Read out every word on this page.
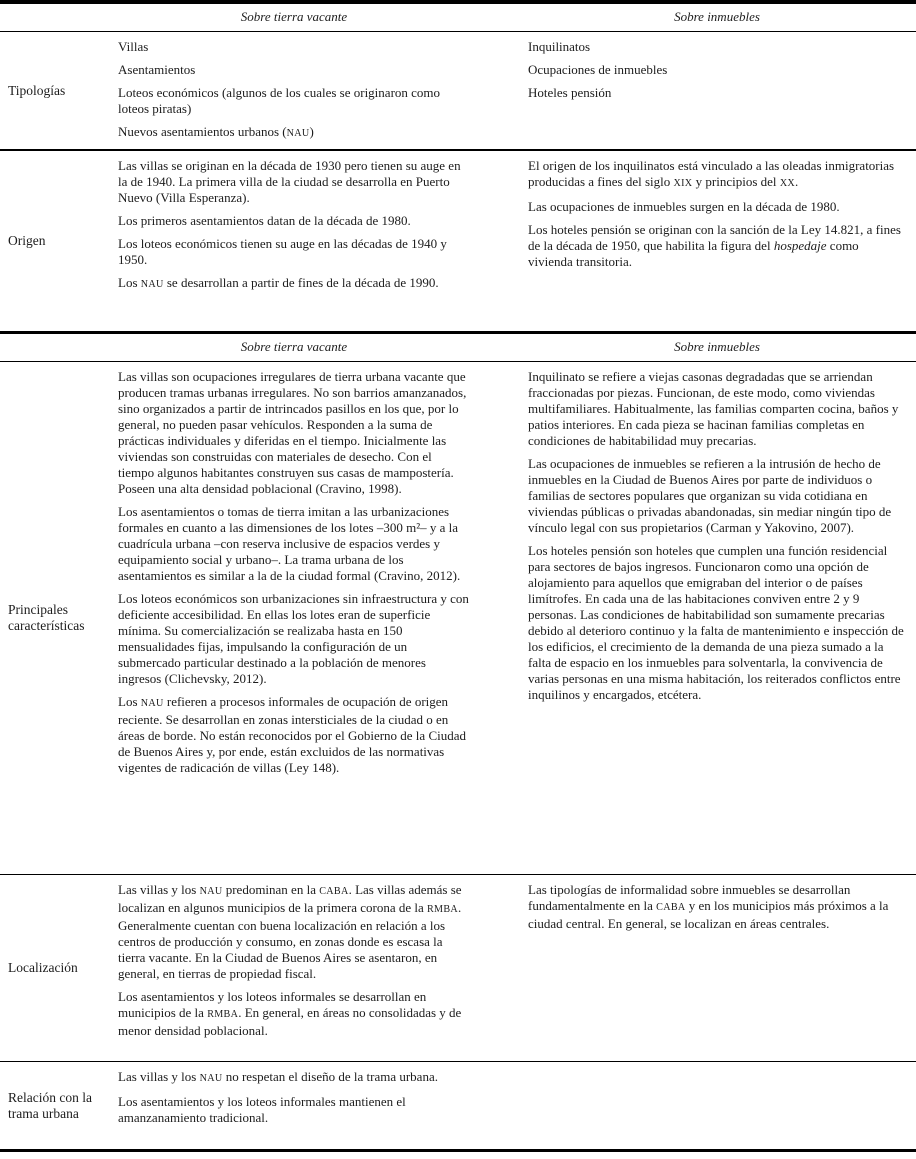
Sobre tierra vacante	Sobre inmuebles
Tipologías

Villas

Asentamientos

Loteos económicos (algunos de los cuales se originaron como loteos piratas)

Nuevos asentamientos urbanos (NAU)

Inquilinatos

Ocupaciones de inmuebles

Hoteles pensión

Origen

Las villas se originan en la década de 1930 pero tienen su auge en la de 1940. La primera villa de la ciudad se desarrolla en Puerto Nuevo (Villa Esperanza).

Los primeros asentamientos datan de la década de 1980.

Los loteos económicos tienen su auge en las décadas de 1940 y 1950.

Los NAU se desarrollan a partir de fines de la década de 1990.

El origen de los inquilinatos está vinculado a las oleadas inmigratorias producidas a fines del siglo XIX y principios del XX.

Las ocupaciones de inmuebles surgen en la década de 1980.

Los hoteles pensión se originan con la sanción de la Ley 14.821, a fines de la década de 1950, que habilita la figura del hospedaje como vivienda transitoria.

Sobre tierra vacante	Sobre inmuebles
Principales características

Las villas son ocupaciones irregulares de tierra urbana vacante que producen tramas urbanas irregulares. No son barrios amanzanados, sino organizados a partir de intrincados pasillos en los que, por lo general, no pueden pasar vehículos. Responden a la suma de prácticas individuales y diferidas en el tiempo. Inicialmente las viviendas son construidas con materiales de desecho. Con el tiempo algunos habitantes construyen sus casas de mampostería. Poseen una alta densidad poblacional (Cravino, 1998).

Los asentamientos o tomas de tierra imitan a las urbanizaciones formales en cuanto a las dimensiones de los lotes –300 m²– y a la cuadrícula urbana –con reserva inclusive de espacios verdes y equipamiento social y urbano–. La trama urbana de los asentamientos es similar a la de la ciudad formal (Cravino, 2012).

Los loteos económicos son urbanizaciones sin infraestructura y con deficiente accesibilidad. En ellas los lotes eran de superficie mínima. Su comercialización se realizaba hasta en 150 mensualidades fijas, impulsando la configuración de un submercado particular destinado a la población de menores ingresos (Clichevsky, 2012).

Los NAU refieren a procesos informales de ocupación de origen reciente. Se desarrollan en zonas intersticiales de la ciudad o en áreas de borde. No están reconocidos por el Gobierno de la Ciudad de Buenos Aires y, por ende, están excluidos de las normativas vigentes de radicación de villas (Ley 148).

Inquilinato se refiere a viejas casonas degradadas que se arriendan fraccionadas por piezas. Funcionan, de este modo, como viviendas multifamiliares. Habitualmente, las familias comparten cocina, baños y patios interiores. En cada pieza se hacinan familias completas en condiciones de habitabilidad muy precarias.

Las ocupaciones de inmuebles se refieren a la intrusión de hecho de inmuebles en la Ciudad de Buenos Aires por parte de individuos o familias de sectores populares que organizan su vida cotidiana en viviendas públicas o privadas abandonadas, sin mediar ningún tipo de vínculo legal con sus propietarios (Carman y Yakovino, 2007).

Los hoteles pensión son hoteles que cumplen una función residencial para sectores de bajos ingresos. Funcionaron como una opción de alojamiento para aquellos que emigraban del interior o de países limítrofes. En cada una de las habitaciones conviven entre 2 y 9 personas. Las condiciones de habitabilidad son sumamente precarias debido al deterioro continuo y la falta de mantenimiento e inspección de los edificios, el crecimiento de la demanda de una pieza sumado a la falta de espacio en los inmuebles para solventarla, la convivencia de varias personas en una misma habitación, los reiterados conflictos entre inquilinos y encargados, etcétera.

Localización

Las villas y los NAU predominan en la CABA. Las villas además se localizan en algunos municipios de la primera corona de la RMBA. Generalmente cuentan con buena localización en relación a los centros de producción y consumo, en zonas donde es escasa la tierra vacante. En la Ciudad de Buenos Aires se asentaron, en general, en tierras de propiedad fiscal.

Los asentamientos y los loteos informales se desarrollan en municipios de la RMBA. En general, en áreas no consolidadas y de menor densidad poblacional.

Las tipologías de informalidad sobre inmuebles se desarrollan fundamentalmente en la CABA y en los municipios más próximos a la ciudad central. En general, se localizan en áreas centrales.

Relación con la trama urbana

Las villas y los NAU no respetan el diseño de la trama urbana.

Los asentamientos y los loteos informales mantienen el amanzanamiento tradicional.
